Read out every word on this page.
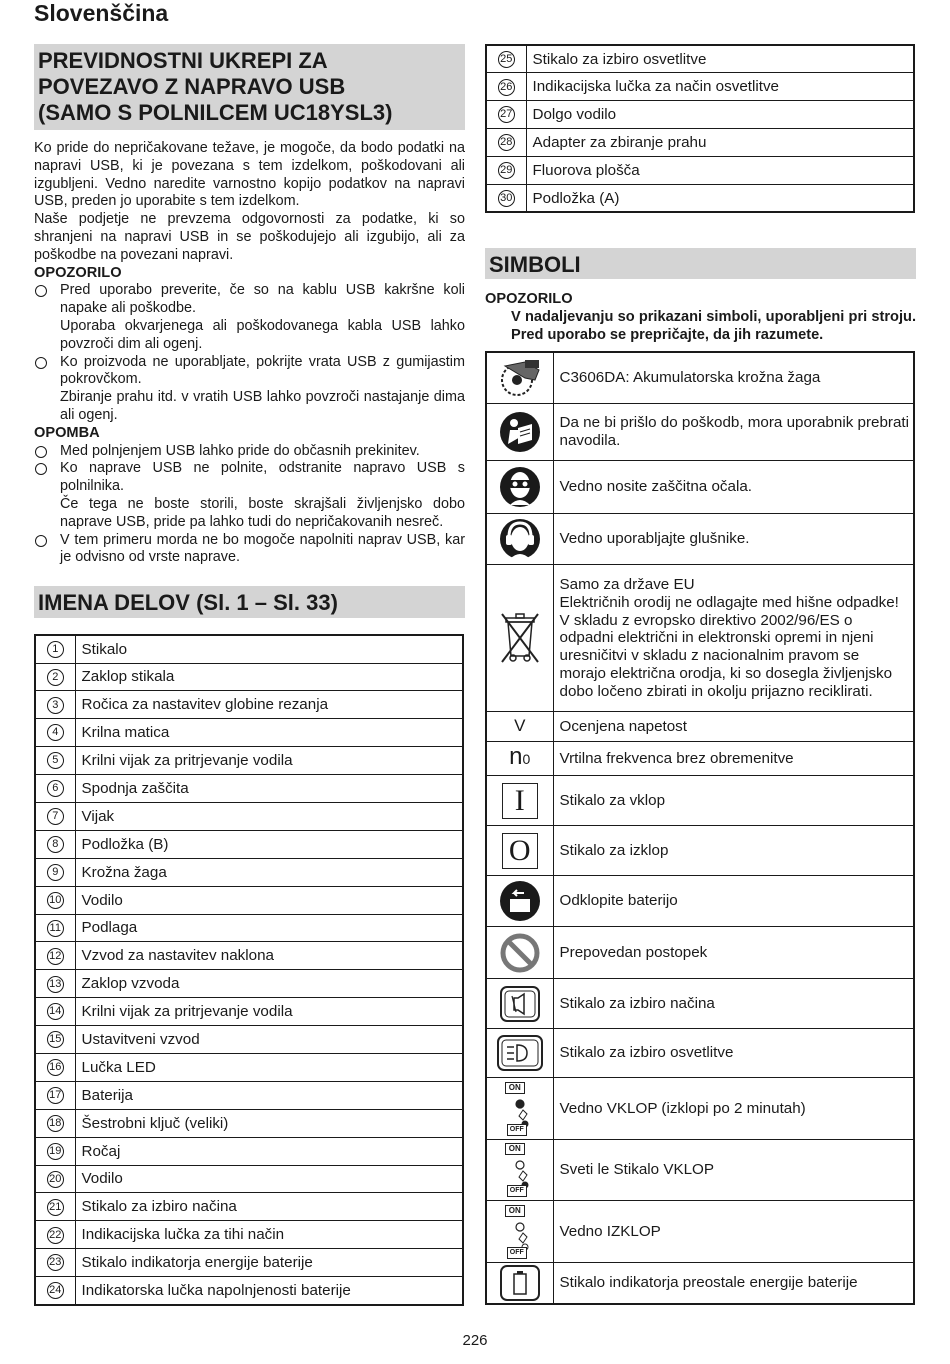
Slovenščina
PREVIDNOSTNI UKREPI ZA
POVEZAVO Z NAPRAVO USB
(SAMO S POLNILCEM UC18YSL3)

Ko pride do nepričakovane težave, je mogoče, da bodo podatki na napravi USB, ki je povezana s tem izdelkom, poškodovani ali izgubljeni. Vedno naredite varnostno kopijo podatkov na napravi USB, preden jo uporabite s tem izdelkom.

Naše podjetje ne prevzema odgovornosti za podatke, ki so shranjeni na napravi USB in se poškodujejo ali izgubijo, ali za poškodbe na povezani napravi.

OPOZORILO
Pred uporabo preverite, če so na kablu USB kakršne koli napake ali poškodbe.
Uporaba okvarjenega ali poškodovanega kabla USB lahko povzroči dim ali ogenj.
Ko proizvoda ne uporabljate, pokrijte vrata USB z gumijastim pokrovčkom.
Zbiranje prahu itd. v vratih USB lahko povzroči nastajanje dima ali ogenj.
OPOMBA
Med polnjenjem USB lahko pride do občasnih prekinitev.
Ko naprave USB ne polnite, odstranite napravo USB s polnilnika.
Če tega ne boste storili, boste skrajšali življenjsko dobo naprave USB, pride pa lahko tudi do nepričakovanih nesreč.
V tem primeru morda ne bo mogoče napolniti naprav USB, kar je odvisno od vrste naprave.
IMENA DELOV (Sl. 1 – Sl. 33)
1	Stikalo
2	Zaklop stikala
3	Ročica za nastavitev globine rezanja
4	Krilna matica
5	Krilni vijak za pritrjevanje vodila
6	Spodnja zaščita
7	Vijak
8	Podložka (B)
9	Krožna žaga
10	Vodilo
11	Podlaga
12	Vzvod za nastavitev naklona
13	Zaklop vzvoda
14	Krilni vijak za pritrjevanje vodila
15	Ustavitveni vzvod
16	Lučka LED
17	Baterija
18	Šestrobni ključ (veliki)
19	Ročaj
20	Vodilo
21	Stikalo za izbiro načina
22	Indikacijska lučka za tihi način
23	Stikalo indikatorja energije baterije
24	Indikatorska lučka napolnjenosti baterije
25	Stikalo za izbiro osvetlitve
26	Indikacijska lučka za način osvetlitve
27	Dolgo vodilo
28	Adapter za zbiranje prahu
29	Fluorova plošča
30	Podložka (A)
SIMBOLI
OPOZORILO
V nadaljevanju so prikazani simboli, uporabljeni pri stroju. Pred uporabo se prepričajte, da jih razumete.

C3606DA: Akumulatorska krožna žaga

Da ne bi prišlo do poškodb, mora uporabnik prebrati navodila.

Vedno nosite zaščitna očala.

Vedno uporabljajte glušnike.

Samo za države EU
Električnih orodij ne odlagajte med hišne odpadke!
V skladu z evropsko direktivo 2002/96/ES o odpadni električni in elektronski opremi in njeni uresničitvi v skladu z nacionalnim pravom se morajo električna orodja, ki so dosegla življenjsko dobo ločeno zbirati in okolju prijazno reciklirati.

V	Ocenjena napetost

n0	Vrtilna frekvenca brez obremenitve

I	Stikalo za vklop

O	Stikalo za izklop

Odklopite baterijo

Prepovedan postopek

Stikalo za izbiro načina

Stikalo za izbiro osvetlitve

ON
OFF	Vedno VKLOP (izklopi po 2 minutah)

ON
OFF	Sveti le Stikalo VKLOP

ON
OFF	Vedno IZKLOP

Stikalo indikatorja preostale energije baterije
226
